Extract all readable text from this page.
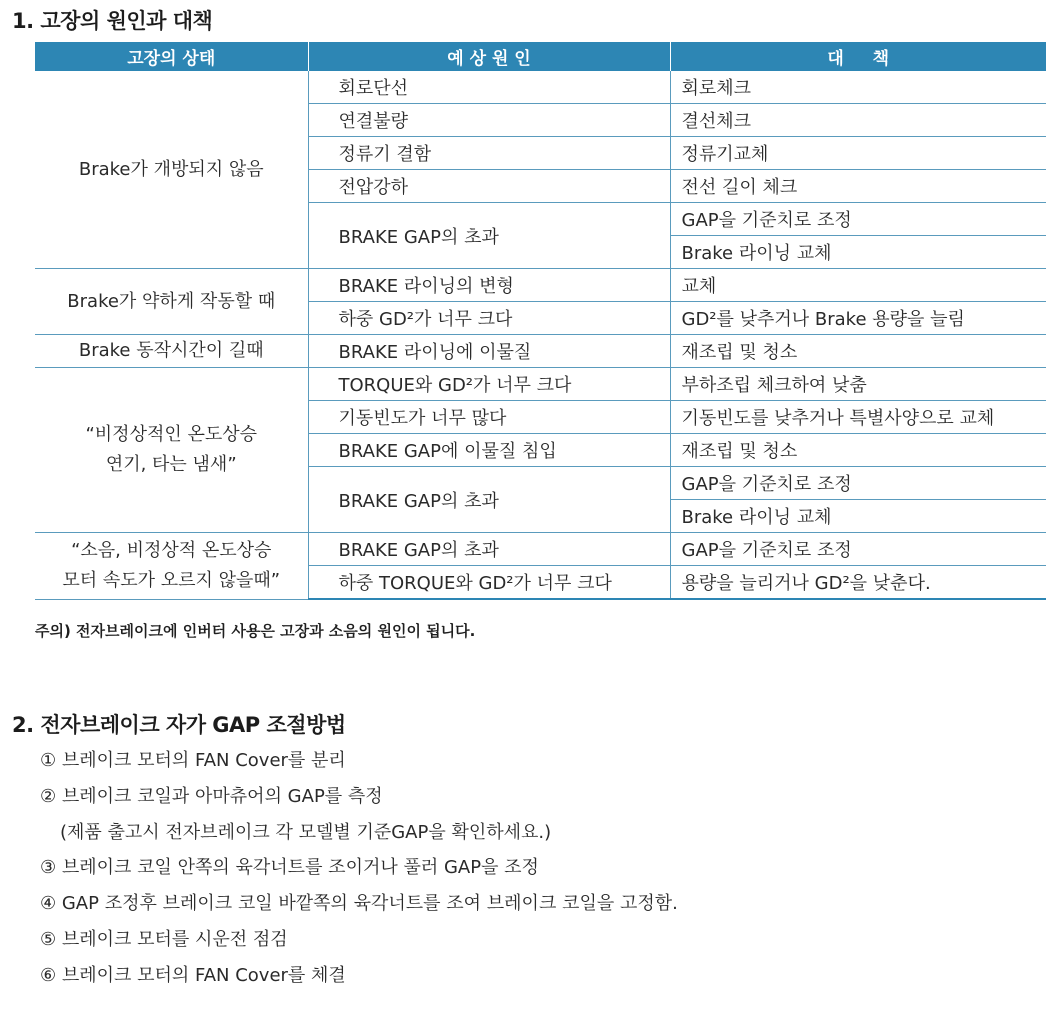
1. 고장의 원인과 대책
고장의 상태	예 상 원 인	대 　 책

Brake가 개방되지 않음	회로단선	회로체크
	연결불량	결선체크
	정류기 결함	정류기교체
	전압강하	전선 길이 체크
	BRAKE GAP의 초과	GAP을 기준치로 조정
		Brake 라이닝 교체

Brake가 약하게 작동할 때	BRAKE 라이닝의 변형	교체
	하중 GD²가 너무 크다	GD²를 낮추거나 Brake 용량을 늘림

Brake 동작시간이 길때	BRAKE 라이닝에 이물질	재조립 및 청소

“비정상적인 온도상승
연기, 타는 냄새”	TORQUE와 GD²가 너무 크다	부하조립 체크하여 낮춤
	기동빈도가 너무 많다	기동빈도를 낮추거나 특별사양으로 교체
	BRAKE GAP에 이물질 침입	재조립 및 청소
	BRAKE GAP의 초과	GAP을 기준치로 조정
		Brake 라이닝 교체

“소음, 비정상적 온도상승
모터 속도가 오르지 않을때”	BRAKE GAP의 초과	GAP을 기준치로 조정
	하중 TORQUE와 GD²가 너무 크다	용량을 늘리거나 GD²을 낮춘다.

주의) 전자브레이크에 인버터 사용은 고장과 소음의 원인이 됩니다.

2. 전자브레이크 자가 GAP 조절방법
① 브레이크 모터의 FAN Cover를 분리
② 브레이크 코일과 아마츄어의 GAP를 측정
(제품 출고시 전자브레이크 각 모델별 기준GAP을 확인하세요.)
③ 브레이크 코일 안쪽의 육각너트를 조이거나 풀러 GAP을 조정
④ GAP 조정후 브레이크 코일 바깥쪽의 육각너트를 조여 브레이크 코일을 고정함.
⑤ 브레이크 모터를 시운전 점검
⑥ 브레이크 모터의 FAN Cover를 체결
